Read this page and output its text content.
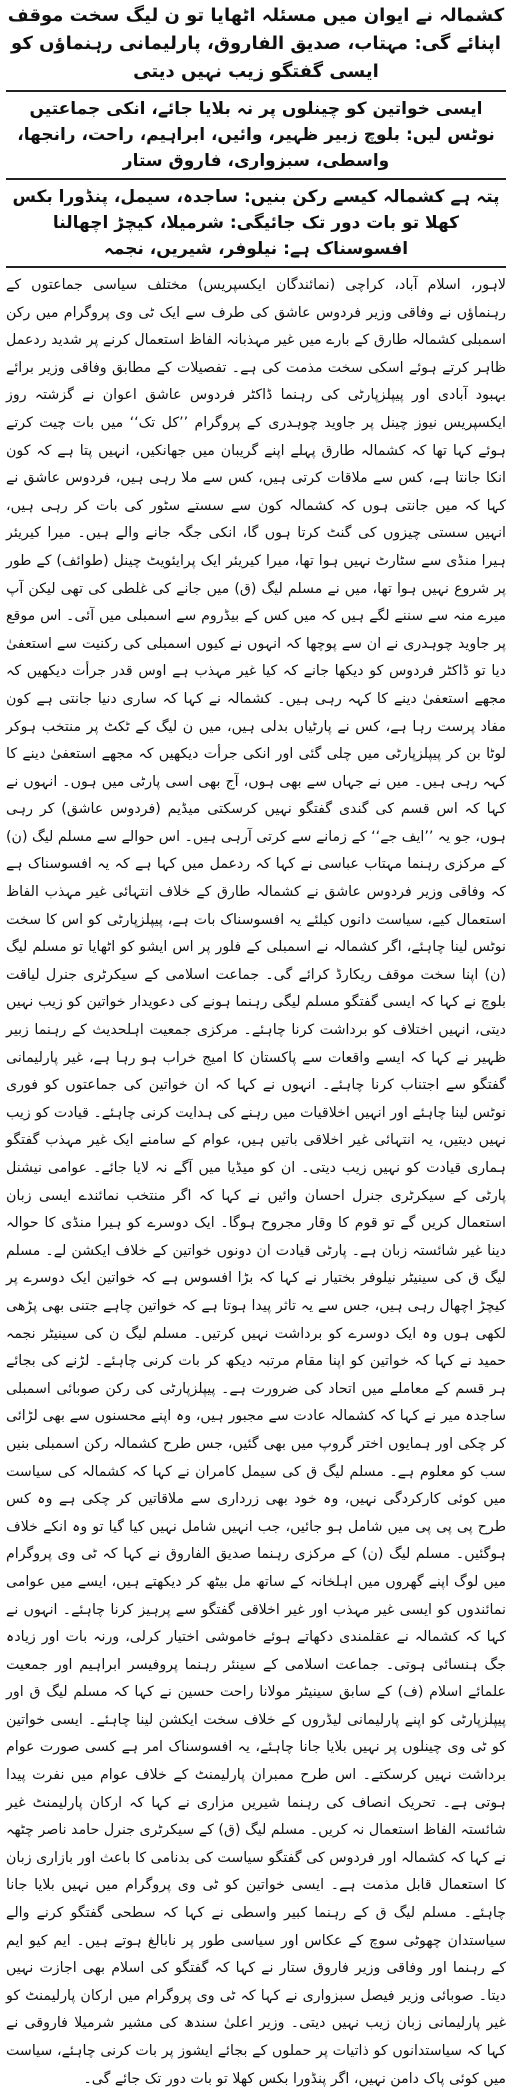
کشمالہ نے ایوان میں مسئلہ اٹھایا تو ن لیگ سخت موقف اپنائے گی: مہتاب، صدیق الفاروق، پارلیمانی رہنماؤں کو ایسی گفتگو زیب نہیں دیتی
ایسی خواتین کو چینلوں پر نہ بلایا جائے، انکی جماعتیں نوٹس لیں: بلوچ زبیر ظہیر، وائیں، ابراہیم، راحت، رانجھا، واسطی، سبزواری، فاروق ستار
پتہ ہے کشمالہ کیسے رکن بنیں: ساجدہ، سیمل، پنڈورا بکس کھلا تو بات دور تک جائیگی: شرمیلا، کیچڑ اچھالنا افسوسناک ہے: نیلوفر، شیریں، نجمہ

لاہور، اسلام آباد، کراچی (نمائندگان ایکسپریس) مختلف سیاسی جماعتوں کے رہنماؤں نے وفاقی وزیر فردوس عاشق کی طرف سے ایک ٹی وی پروگرام میں رکن اسمبلی کشمالہ طارق کے بارے میں غیر مہذبانہ الفاظ استعمال کرنے پر شدید ردعمل ظاہر کرتے ہوئے اسکی سخت مذمت کی ہے۔ تفصیلات کے مطابق وفاقی وزیر برائے بہبود آبادی اور پیپلزپارٹی کی رہنما ڈاکٹر فردوس عاشق اعوان نے گزشتہ روز ایکسپریس نیوز چینل پر جاوید چوہدری کے پروگرام ’’کل تک‘‘ میں بات چیت کرتے ہوئے کہا تھا کہ کشمالہ طارق پہلے اپنے گریبان میں جھانکیں، انہیں پتا ہے کہ کون انکا جانتا ہے، کس سے ملاقات کرتی ہیں، کس سے ملا رہی ہیں، فردوس عاشق نے کہا کہ میں جانتی ہوں کہ کشمالہ کون سے سستے سٹور کی بات کر رہی ہیں، انہیں سستی چیزوں کی گنٹ کرتا ہوں گا، انکی جگہ جانے والے ہیں۔ میرا کیریئر ہیرا منڈی سے سٹارٹ نہیں ہوا تھا، میرا کیریئر ایک پرایئویٹ چینل (طوائف) کے طور پر شروع نہیں ہوا تھا، میں نے مسلم لیگ (ق) میں جانے کی غلطی کی تھی لیکن آپ میرے منہ سے سننے لگے ہیں کہ میں کس کے بیڈروم سے اسمبلی میں آئی۔ اس موقع پر جاوید چوہدری نے ان سے پوچھا کہ انہوں نے کیوں اسمبلی کی رکنیت سے استعفیٰ دیا تو ڈاکٹر فردوس کو دیکھا جانے کہ کیا غیر مہذب ہے اوس قدر جرأت دیکھیں کہ مجھے استعفیٰ دینے کا کہہ رہی ہیں۔ کشمالہ نے کہا کہ ساری دنیا جانتی ہے کون مفاد پرست رہا ہے، کس نے پارٹیاں بدلی ہیں، میں ن لیگ کے ٹکٹ پر منتخب ہوکر لوٹا بن کر پیپلزپارٹی میں چلی گئی اور انکی جرأت دیکھیں کہ مجھے استعفیٰ دینے کا کہہ رہی ہیں۔ میں نے جہاں سے بھی ہوں، آج بھی اسی پارٹی میں ہوں۔ انہوں نے کہا کہ اس قسم کی گندی گفتگو نہیں کرسکتی میڈیم (فردوس عاشق) کر رہی ہوں، جو یہ ’’ایف جے‘‘ کے زمانے سے کرتی آرہی ہیں۔ اس حوالے سے مسلم لیگ (ن) کے مرکزی رہنما مہتاب عباسی نے کہا کہ ردعمل میں کہا ہے کہ یہ افسوسناک ہے کہ وفاقی وزیر فردوس عاشق نے کشمالہ طارق کے خلاف انتہائی غیر مہذب الفاظ استعمال کیے، سیاست دانوں کیلئے یہ افسوسناک بات ہے، پیپلزپارٹی کو اس کا سخت نوٹس لینا چاہئے، اگر کشمالہ نے اسمبلی کے فلور پر اس ایشو کو اٹھایا تو مسلم لیگ (ن) اپنا سخت موقف ریکارڈ کرائے گی۔ جماعت اسلامی کے سیکرٹری جنرل لیاقت بلوچ نے کہا کہ ایسی گفتگو مسلم لیگی رہنما ہونے کی دعویدار خواتین کو زیب نہیں دیتی، انہیں اختلاف کو برداشت کرنا چاہئے۔ مرکزی جمعیت اہلحدیث کے رہنما زبیر ظہیر نے کہا کہ ایسے واقعات سے پاکستان کا امیج خراب ہو رہا ہے، غیر پارلیمانی گفتگو سے اجتناب کرنا چاہئے۔ انہوں نے کہا کہ ان خواتین کی جماعتوں کو فوری نوٹس لینا چاہئے اور انہیں اخلاقیات میں رہنے کی ہدایت کرنی چاہئے۔ قیادت کو زیب نہیں دیتیں، یہ انتہائی غیر اخلاقی باتیں ہیں، عوام کے سامنے ایک غیر مہذب گفتگو ہماری قیادت کو نہیں زیب دیتی۔ ان کو میڈیا میں آگے نہ لایا جائے۔ عوامی نیشنل پارٹی کے سیکرٹری جنرل احسان وائیں نے کہا کہ اگر منتخب نمائندے ایسی زبان استعمال کریں گے تو قوم کا وقار مجروح ہوگا۔ ایک دوسرے کو ہیرا منڈی کا حوالہ دینا غیر شائستہ زبان ہے۔ پارٹی قیادت ان دونوں خواتین کے خلاف ایکشن لے۔ مسلم لیگ ق کی سینیٹر نیلوفر بختیار نے کہا کہ بڑا افسوس ہے کہ خواتین ایک دوسرے پر کیچڑ اچھال رہی ہیں، جس سے یہ تاثر پیدا ہوتا ہے کہ خواتین چاہے جتنی بھی پڑھی لکھی ہوں وہ ایک دوسرے کو برداشت نہیں کرتیں۔ مسلم لیگ ن کی سینیٹر نجمہ حمید نے کہا کہ خواتین کو اپنا مقام مرتبہ دیکھ کر بات کرنی چاہئے۔ لڑنے کی بجائے ہر قسم کے معاملے میں اتحاد کی ضرورت ہے۔ پیپلزپارٹی کی رکن صوبائی اسمبلی ساجدہ میر نے کہا کہ کشمالہ عادت سے مجبور ہیں، وہ اپنے محسنوں سے بھی لڑائی کر چکی اور ہمایوں اختر گروپ میں بھی گئیں، جس طرح کشمالہ رکن اسمبلی بنیں سب کو معلوم ہے۔ مسلم لیگ ق کی سیمل کامران نے کہا کہ کشمالہ کی سیاست میں کوئی کارکردگی نہیں، وہ خود بھی زرداری سے ملاقاتیں کر چکی ہے وہ کس طرح پی پی پی میں شامل ہو جائیں، جب انہیں شامل نہیں کیا گیا تو وہ انکے خلاف ہوگئیں۔ مسلم لیگ (ن) کے مرکزی رہنما صدیق الفاروق نے کہا کہ ٹی وی پروگرام میں لوگ اپنے گھروں میں اہلخانہ کے ساتھ مل بیٹھ کر دیکھتے ہیں، ایسے میں عوامی نمائندوں کو ایسی غیر مہذب اور غیر اخلاقی گفتگو سے پرہیز کرنا چاہئے۔ انہوں نے کہا کہ کشمالہ نے عقلمندی دکھاتے ہوئے خاموشی اختیار کرلی، ورنہ بات اور زیادہ جگ ہنسائی ہوتی۔ جماعت اسلامی کے سینئر رہنما پروفیسر ابراہیم اور جمعیت علمائے اسلام (ف) کے سابق سینیٹر مولانا راحت حسین نے کہا کہ مسلم لیگ ق اور پیپلزپارٹی کو اپنے پارلیمانی لیڈروں کے خلاف سخت ایکشن لینا چاہئے۔ ایسی خواتین کو ٹی وی چینلوں پر نہیں بلایا جانا چاہئے، یہ افسوسناک امر ہے کسی صورت عوام برداشت نہیں کرسکتے۔ اس طرح ممبران پارلیمنٹ کے خلاف عوام میں نفرت پیدا ہوتی ہے۔ تحریک انصاف کی رہنما شیریں مزاری نے کہا کہ ارکان پارلیمنٹ غیر شائستہ الفاظ استعمال نہ کریں۔ مسلم لیگ (ق) کے سیکرٹری جنرل حامد ناصر چٹھہ نے کہا کہ کشمالہ اور فردوس کی گفتگو سیاست کی بدنامی کا باعث اور بازاری زبان کا استعمال قابل مذمت ہے۔ ایسی خواتین کو ٹی وی پروگرام میں نہیں بلایا جانا چاہئے۔ مسلم لیگ ق کے رہنما کبیر واسطی نے کہا کہ سطحی گفتگو کرنے والے سیاستدان چھوٹی سوچ کے عکاس اور سیاسی طور پر نابالغ ہوتے ہیں۔ ایم کیو ایم کے رہنما اور وفاقی وزیر فاروق ستار نے کہا کہ گفتگو کی اسلام بھی اجازت نہیں دیتا۔ صوبائی وزیر فیصل سبزواری نے کہا کہ ٹی وی پروگرام میں ارکان پارلیمنٹ کو غیر پارلیمانی زبان زیب نہیں دیتی۔ وزیر اعلیٰ سندھ کی مشیر شرمیلا فاروقی نے کہا کہ سیاستدانوں کو ذاتیات پر حملوں کے بجائے ایشوز پر بات کرنی چاہئے، سیاست میں کوئی پاک دامن نہیں، اگر پنڈورا بکس کھلا تو بات دور تک جائے گی۔
